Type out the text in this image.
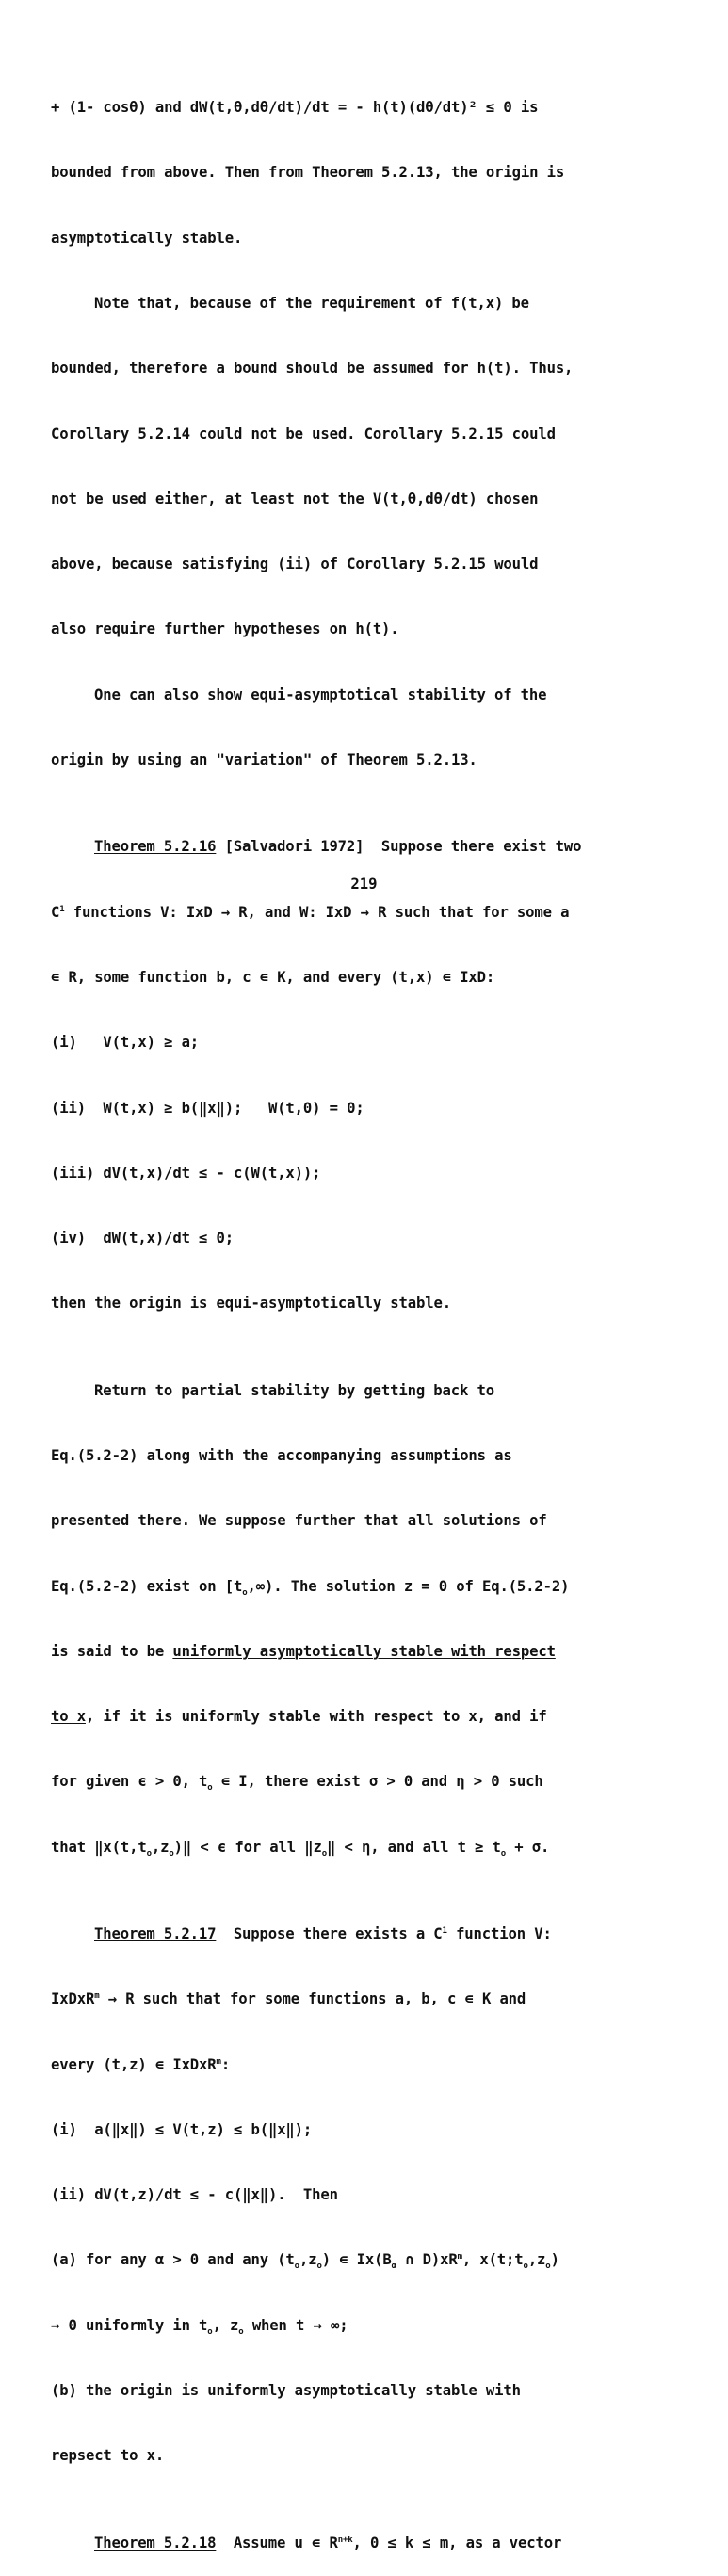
+ (1- cosθ) and dW(t,θ,dθ/dt)/dt = - h(t)(dθ/dt)² ≤ 0 is

bounded from above. Then from Theorem 5.2.13, the origin is

asymptotically stable.

Note that, because of the requirement of f(t,x) be

bounded, therefore a bound should be assumed for h(t). Thus,

Corollary 5.2.14 could not be used. Corollary 5.2.15 could

not be used either, at least not the V(t,θ,dθ/dt) chosen

above, because satisfying (ii) of Corollary 5.2.15 would

also require further hypotheses on h(t).

One can also show equi-asymptotical stability of the

origin by using an "variation" of Theorem 5.2.13.

Theorem 5.2.16 [Salvadori 1972]  Suppose there exist two

$C^1$ functions V: IxD → R, and W: IxD → R such that for some a

∊ R, some function b, c ∊ K, and every (t,x) ∊ IxD:

(i)   V(t,x) ≥ a;

(ii)  W(t,x) ≥ b(‖x‖);   W(t,0) = 0;

(iii) dV(t,x)/dt ≤ - c(W(t,x));

(iv)  dW(t,x)/dt ≤ 0;

then the origin is equi-asymptotically stable.

Return to partial stability by getting back to

Eq.(5.2-2) along with the accompanying assumptions as

presented there. We suppose further that all solutions of

Eq.(5.2-2) exist on $[t_o,\infty)$. The solution z = 0 of Eq.(5.2-2)

is said to be uniformly asymptotically stable with respect

to x, if it is uniformly stable with respect to x, and if

for given ϵ > 0, $t_o$ ∊ I, there exist σ > 0 and η > 0 such

that $‖x(t,t_o,z_o)‖ < \epsilon$ for all $‖z_o‖ < \eta$, and all $t \ge t_o + \sigma$.

Theorem 5.2.17  Suppose there exists a $C^1$ function V:

IxDxR$^m$ → R such that for some functions a, b, c ∊ K and

every (t,z) ∊ IxDxR$^m$:

(i)  a(‖x‖) ≤ V(t,z) ≤ b(‖x‖);

(ii) dV(t,z)/dt ≤ - c(‖x‖).  Then

(a) for any α > 0 and any $(t_o,z_o)$ ∊ $Ix(B_\alpha$ ∩ $D)xR^m$, $x(t;t_o,z_o)$

→ 0 uniformly in $t_o$, $z_o$ when t → ∞;

(b) the origin is uniformly asymptotically stable with

repsect to x.

Theorem 5.2.18  Assume u ∊ $R^{n+k}$, 0 ≤ k ≤ m, as a vector

219
